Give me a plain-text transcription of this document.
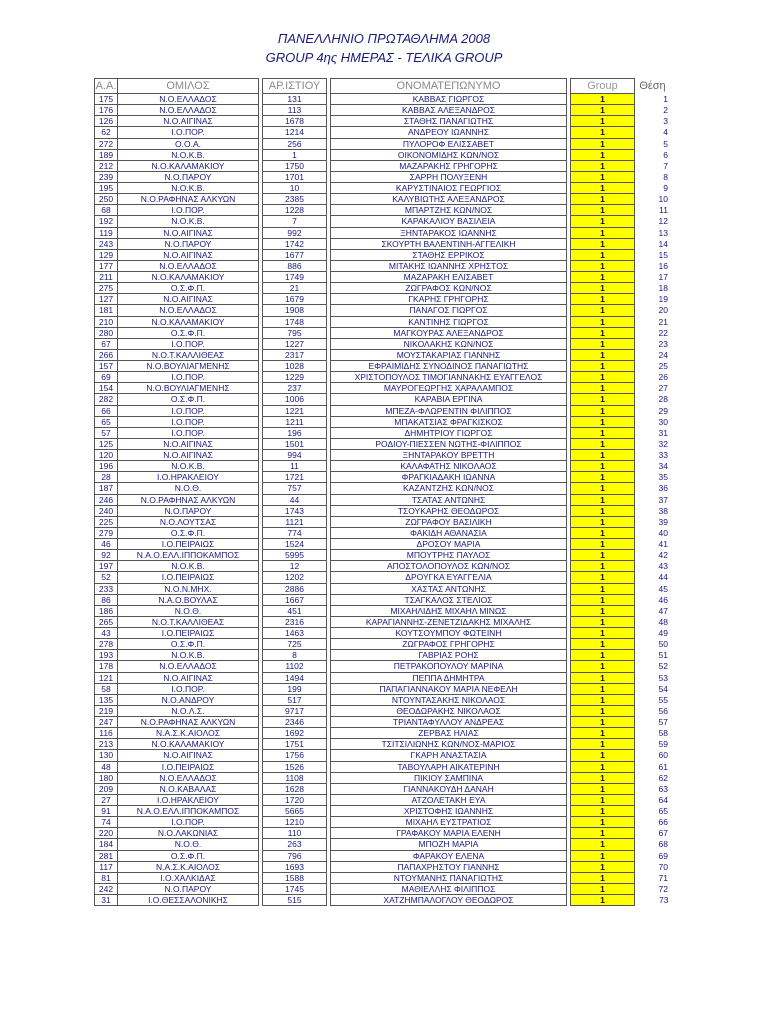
ΠΑΝΕΛΛΗΝΙΟ ΠΡΩΤΑΘΛΗΜΑ 2008
GROUP 4ης ΗΜΕΡΑΣ - ΤΕΛΙΚΑ GROUP
Α.Α.	ΟΜΙΛΟΣ		ΑΡ.ΙΣΤΙΟΥ		ΟΝΟΜΑΤΕΠΩΝΥΜΟ		Group	Θέση
175	Ν.Ο.ΕΛΛΑΔΟΣ		131		ΚΑΒΒΑΣ ΓΙΩΡΓΟΣ		1	1
176	Ν.Ο.ΕΛΛΑΔΟΣ		113		ΚΑΒΒΑΣ ΑΛΕΞΑΝΔΡΟΣ		1	2
126	Ν.Ο.ΑΙΓΙΝΑΣ		1678		ΣΤΑΘΗΣ ΠΑΝΑΓΙΩΤΗΣ		1	3
62	Ι.Ο.ΠΟΡ.		1214		ΑΝΔΡΕΟΥ ΙΩΑΝΝΗΣ		1	4
272	Ο.Ο.Α.		256		ΠΥΛΟΡΟΦ ΕΛΙΣΣΑΒΕΤ		1	5
189	Ν.Ο.Κ.Β.		1		ΟΙΚΟΝΟΜΙΔΗΣ ΚΩΝ/ΝΟΣ		1	6
212	Ν.Ο.ΚΑΛΑΜΑΚΙΟΥ		1750		ΜΑΖΑΡΑΚΗΣ ΓΡΗΓΟΡΗΣ		1	7
239	Ν.Ο.ΠΑΡΟΥ		1701		ΣΑΡΡΗ ΠΟΛΥΞΕΝΗ		1	8
195	Ν.Ο.Κ.Β.		10		ΚΑΡΥΣΤΙΝΑΙΟΣ ΓΕΩΡΓΙΟΣ		1	9
250	Ν.Ο.ΡΑΦΗΝΑΣ ΑΛΚΥΩΝ		2385		ΚΑΛΥΒΙΩΤΗΣ ΑΛΕΞΑΝΔΡΟΣ		1	10
68	Ι.Ο.ΠΟΡ.		1228		ΜΠΑΡΤΖΗΣ ΚΩΝ/ΝΟΣ		1	11
192	Ν.Ο.Κ.Β.		7		ΚΑΡΑΚΑΛΙΟΥ ΒΑΣΙΛΕΙΑ		1	12
119	Ν.Ο.ΑΙΓΙΝΑΣ		992		ΞΗΝΤΑΡΑΚΟΣ ΙΩΑΝΝΗΣ		1	13
243	Ν.Ο.ΠΑΡΟΥ		1742		ΣΚΟΥΡΤΗ ΒΑΛΕΝΤΙΝΗ-ΑΓΓΕΛΙΚΗ		1	14
129	Ν.Ο.ΑΙΓΙΝΑΣ		1677		ΣΤΑΘΗΣ ΕΡΡΙΚΟΣ		1	15
177	Ν.Ο.ΕΛΛΑΔΟΣ		886		ΜΙΤΑΚΗΣ ΙΩΑΝΝΗΣ ΧΡΗΣΤΟΣ		1	16
211	Ν.Ο.ΚΑΛΑΜΑΚΙΟΥ		1749		ΜΑΖΑΡΑΚΗ ΕΛΙΣΑΒΕΤ		1	17
275	Ο.Σ.Φ.Π.		21		ΖΩΓΡΑΦΟΣ ΚΩΝ/ΝΟΣ		1	18
127	Ν.Ο.ΑΙΓΙΝΑΣ		1679		ΓΚΑΡΗΣ ΓΡΗΓΟΡΗΣ		1	19
181	Ν.Ο.ΕΛΛΑΔΟΣ		1908		ΠΑΝΑΓΟΣ ΓΙΩΡΓΟΣ		1	20
210	Ν.Ο.ΚΑΛΑΜΑΚΙΟΥ		1748		ΚΑΝΤΙΝΗΣ ΓΙΩΡΓΟΣ		1	21
280	Ο.Σ.Φ.Π.		795		ΜΑΓΚΟΥΡΑΣ ΑΛΕΞΑΝΔΡΟΣ		1	22
67	Ι.Ο.ΠΟΡ.		1227		ΝΙΚΟΛΑΚΗΣ ΚΩΝ/ΝΟΣ		1	23
266	Ν.Ο.Τ.ΚΑΛΛΙΘΕΑΣ		2317		ΜΟΥΣΤΑΚΑΡΙΑΣ ΓΙΑΝΝΗΣ		1	24
157	Ν.Ο.ΒΟΥΛΙΑΓΜΕΝΗΣ		1028		ΕΦΡΑΙΜΙΔΗΣ ΣΥΝΟΔΙΝΟΣ ΠΑΝΑΓΙΩΤΗΣ		1	25
69	Ι.Ο.ΠΟΡ.		1229		ΧΡΙΣΤΟΠΟΥΛΟΣ ΤΙΜΟΓΙΑΝΝΑΚΗΣ ΕΥΑΓΓΕΛΟΣ		1	26
154	Ν.Ο.ΒΟΥΛΙΑΓΜΕΝΗΣ		237		ΜΑΥΡΟΓΕΩΡΓΗΣ ΧΑΡΑΛΑΜΠΟΣ		1	27
282	Ο.Σ.Φ.Π.		1006		ΚΑΡΑΒΙΑ ΕΡΓΙΝΑ		1	28
66	Ι.Ο.ΠΟΡ.		1221		ΜΠΕΖΑ-ΦΛΩΡΕΝΤΙΝ ΦΙΛΙΠΠΟΣ		1	29
65	Ι.Ο.ΠΟΡ.		1211		ΜΠΑΚΑΤΣΙΑΣ ΦΡΑΓΚΙΣΚΟΣ		1	30
57	Ι.Ο.ΠΟΡ.		196		ΔΗΜΗΤΡΙΟΥ ΓΙΩΡΓΟΣ		1	31
125	Ν.Ο.ΑΙΓΙΝΑΣ		1501		ΡΟΔΙΟΥ-ΠΙΕΣΣΕΝ ΝΩΤΗΣ-ΦΙΛΙΠΠΟΣ		1	32
120	Ν.Ο.ΑΙΓΙΝΑΣ		994		ΞΗΝΤΑΡΑΚΟΥ ΒΡΕΤΤΗ		1	33
196	Ν.Ο.Κ.Β.		11		ΚΑΛΑΦΑΤΗΣ ΝΙΚΟΛΑΟΣ		1	34
28	Ι.Ο.ΗΡΑΚΛΕΙΟΥ		1721		ΦΡΑΓΚΙΑΔΑΚΗ ΙΩΑΝΝΑ		1	35
187	Ν.Ο.Θ.		757		ΚΑΖΑΝΤΖΗΣ ΚΩΝ/ΝΟΣ		1	36
246	Ν.Ο.ΡΑΦΗΝΑΣ ΑΛΚΥΩΝ		44		ΤΣΑΤΑΣ ΑΝΤΩΝΗΣ		1	37
240	Ν.Ο.ΠΑΡΟΥ		1743		ΤΣΟΥΚΑΡΗΣ ΘΕΟΔΩΡΟΣ		1	38
225	Ν.Ο.ΛΟΥΤΣΑΣ		1121		ΖΩΓΡΑΦΟΥ ΒΑΣΙΛΙΚΗ		1	39
279	Ο.Σ.Φ.Π.		774		ΦΑΚΙΔΗ ΑΘΑΝΑΣΙΑ		1	40
46	Ι.Ο.ΠΕΙΡΑΙΩΣ		1524		ΔΡΟΣΟΥ ΜΑΡΙΑ		1	41
92	Ν.Α.Ο.ΕΛΛ.ΙΠΠΟΚΑΜΠΟΣ		5995		ΜΠΟΥΤΡΗΣ ΠΑΥΛΟΣ		1	42
197	Ν.Ο.Κ.Β.		12		ΑΠΟΣΤΟΛΟΠΟΥΛΟΣ ΚΩΝ/ΝΟΣ		1	43
52	Ι.Ο.ΠΕΙΡΑΙΩΣ		1202		ΔΡΟΥΓΚΑ ΕΥΑΓΓΕΛΙΑ		1	44
233	Ν.Ο.Ν.ΜΗΧ.		2886		ΧΑΣΤΑΣ ΑΝΤΩΝΗΣ		1	45
86	Ν.Α.Ο.ΒΟΥΛΑΣ		1667		ΤΣΑΓΚΑΛΟΣ ΣΤΕΛΙΟΣ		1	46
186	Ν.Ο.Θ.		451		ΜΙΧΑΗΛΙΔΗΣ ΜΙΧΑΗΛ ΜΙΝΩΣ		1	47
265	Ν.Ο.Τ.ΚΑΛΛΙΘΕΑΣ		2316		ΚΑΡΑΓΙΑΝΝΗΣ-ΖΕΝΕΤΖΙΔΑΚΗΣ ΜΙΧΑΛΗΣ		1	48
43	Ι.Ο.ΠΕΙΡΑΙΩΣ		1463		ΚΟΥΤΣΟΥΜΠΟΥ ΦΩΤΕΙΝΗ		1	49
278	Ο.Σ.Φ.Π.		725		ΖΩΓΡΑΦΟΣ ΓΡΗΓΟΡΗΣ		1	50
193	Ν.Ο.Κ.Β.		8		ΓΑΒΡΙΑΣ ΡΟΗΣ		1	51
178	Ν.Ο.ΕΛΛΑΔΟΣ		1102		ΠΕΤΡΑΚΟΠΟΥΛΟΥ ΜΑΡΙΝΑ		1	52
121	Ν.Ο.ΑΙΓΙΝΑΣ		1494		ΠΕΠΠΑ ΔΗΜΗΤΡΑ		1	53
58	Ι.Ο.ΠΟΡ.		199		ΠΑΠΑΓΙΑΝΝΑΚΟΥ ΜΑΡΙΑ ΝΕΦΕΛΗ		1	54
135	Ν.Ο.ΑΝΔΡΟΥ		517		ΝΤΟΥΝΤΑΣΑΚΗΣ ΝΙΚΟΛΑΟΣ		1	55
219	Ν.Ο.Λ.Σ.		9717		ΘΕΟΔΩΡΑΚΗΣ ΝΙΚΟΛΑΟΣ		1	56
247	Ν.Ο.ΡΑΦΗΝΑΣ ΑΛΚΥΩΝ		2346		ΤΡΙΑΝΤΑΦΥΛΛΟΥ ΑΝΔΡΕΑΣ		1	57
116	Ν.Α.Σ.Κ.ΑΙΟΛΟΣ		1692		ΖΕΡΒΑΣ ΗΛΙΑΣ		1	58
213	Ν.Ο.ΚΑΛΑΜΑΚΙΟΥ		1751		ΤΣΙΤΣΙΛΙΩΝΗΣ ΚΩΝ/ΝΟΣ-ΜΑΡΙΟΣ		1	59
130	Ν.Ο.ΑΙΓΙΝΑΣ		1756		ΓΚΑΡΗ ΑΝΑΣΤΑΣΙΑ		1	60
48	Ι.Ο.ΠΕΙΡΑΙΩΣ		1526		ΤΑΒΟΥΛΑΡΗ ΑΙΚΑΤΕΡΙΝΗ		1	61
180	Ν.Ο.ΕΛΛΑΔΟΣ		1108		ΠΙΚΙΟΥ ΣΑΜΠΙΝΑ		1	62
209	Ν.Ο.ΚΑΒΑΛΑΣ		1628		ΓΙΑΝΝΑΚΟΥΔΗ ΔΑΝΑΗ		1	63
27	Ι.Ο.ΗΡΑΚΛΕΙΟΥ		1720		ΑΤΖΟΛΕΤΑΚΗ ΕΥΑ		1	64
91	Ν.Α.Ο.ΕΛΛ.ΙΠΠΟΚΑΜΠΟΣ		5665		ΧΡΙΣΤΟΦΗΣ ΙΩΑΝΝΗΣ		1	65
74	Ι.Ο.ΠΟΡ.		1210		ΜΙΧΑΗΛ ΕΥΣΤΡΑΤΙΟΣ		1	66
220	Ν.Ο.ΛΑΚΩΝΙΑΣ		110		ΓΡΑΦΑΚΟΥ ΜΑΡΙΑ ΕΛΕΝΗ		1	67
184	Ν.Ο.Θ.		263		ΜΠΟΖΗ ΜΑΡΙΑ		1	68
281	Ο.Σ.Φ.Π.		796		ΦΑΡΑΚΟΥ ΕΛΕΝΑ		1	69
117	Ν.Α.Σ.Κ.ΑΙΟΛΟΣ		1693		ΠΑΠΑΧΡΗΣΤΟΥ ΓΙΑΝΝΗΣ		1	70
81	Ι.Ο.ΧΑΛΚΙΔΑΣ		1588		ΝΤΟΥΜΑΝΗΣ ΠΑΝΑΓΙΩΤΗΣ		1	71
242	Ν.Ο.ΠΑΡΟΥ		1745		ΜΑΘΙΕΛΛΗΣ ΦΙΛΙΠΠΟΣ		1	72
31	Ι.Ο.ΘΕΣΣΑΛΟΝΙΚΗΣ		515		ΧΑΤΖΗΜΠΑΛΟΓΛΟΥ ΘΕΟΔΩΡΟΣ		1	73
